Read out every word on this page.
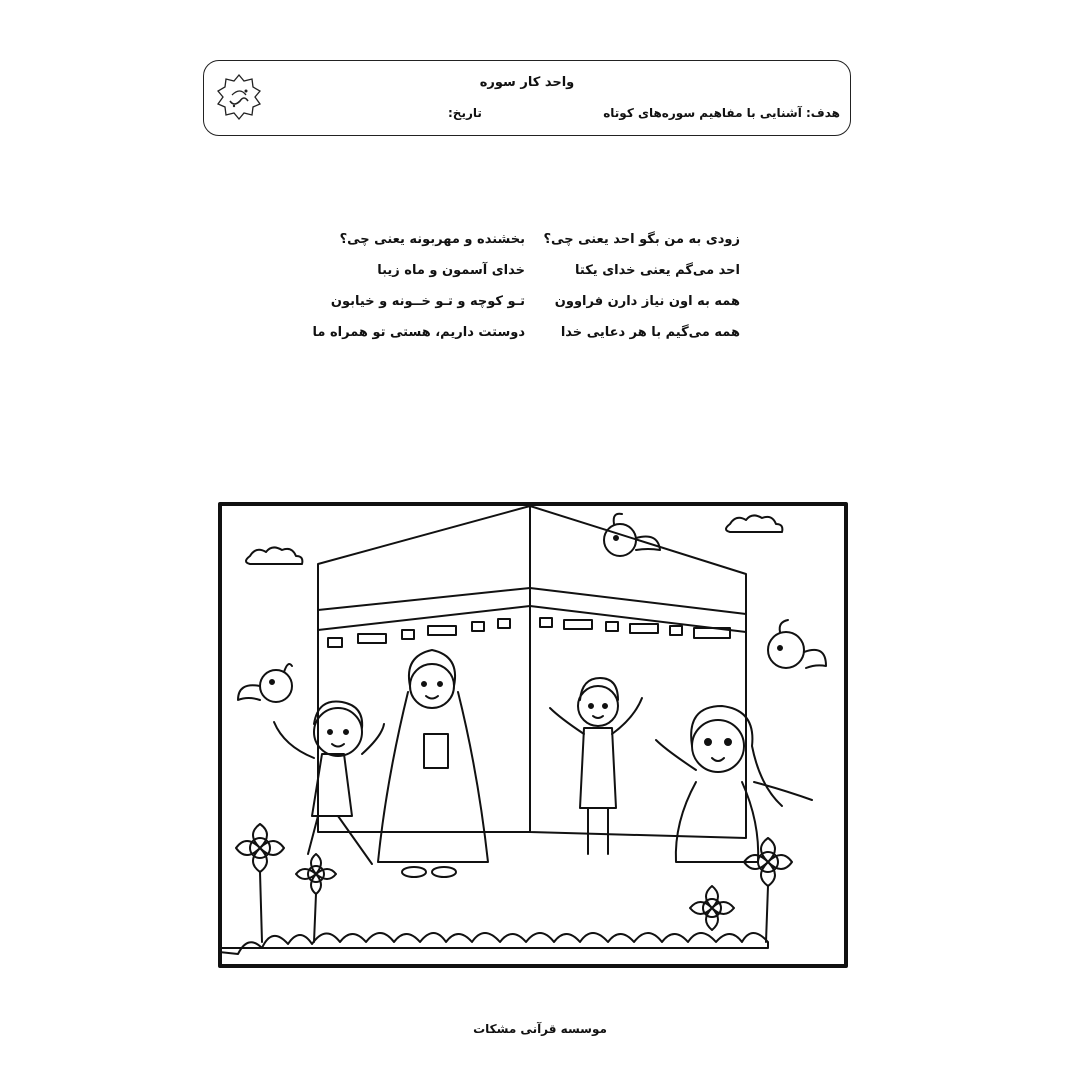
واحد کار سوره
هدف: آشنایی با مفاهیم سوره‌های کوتاه
تاریخ:
زودی به من بگو احد یعنی چی؟
بخشنده و مهربونه یعنی چی؟
احد می‌گم یعنی خدای یکتا
خدای آسمون و ماه زیبا
همه به اون نیاز دارن فراوون
تـو کوچه و تـو خــونه و خیابون
همه می‌گیم با هر دعایی خدا
دوستت داریم، هستی تو همراه ما
موسسه قرآنی مشکات
